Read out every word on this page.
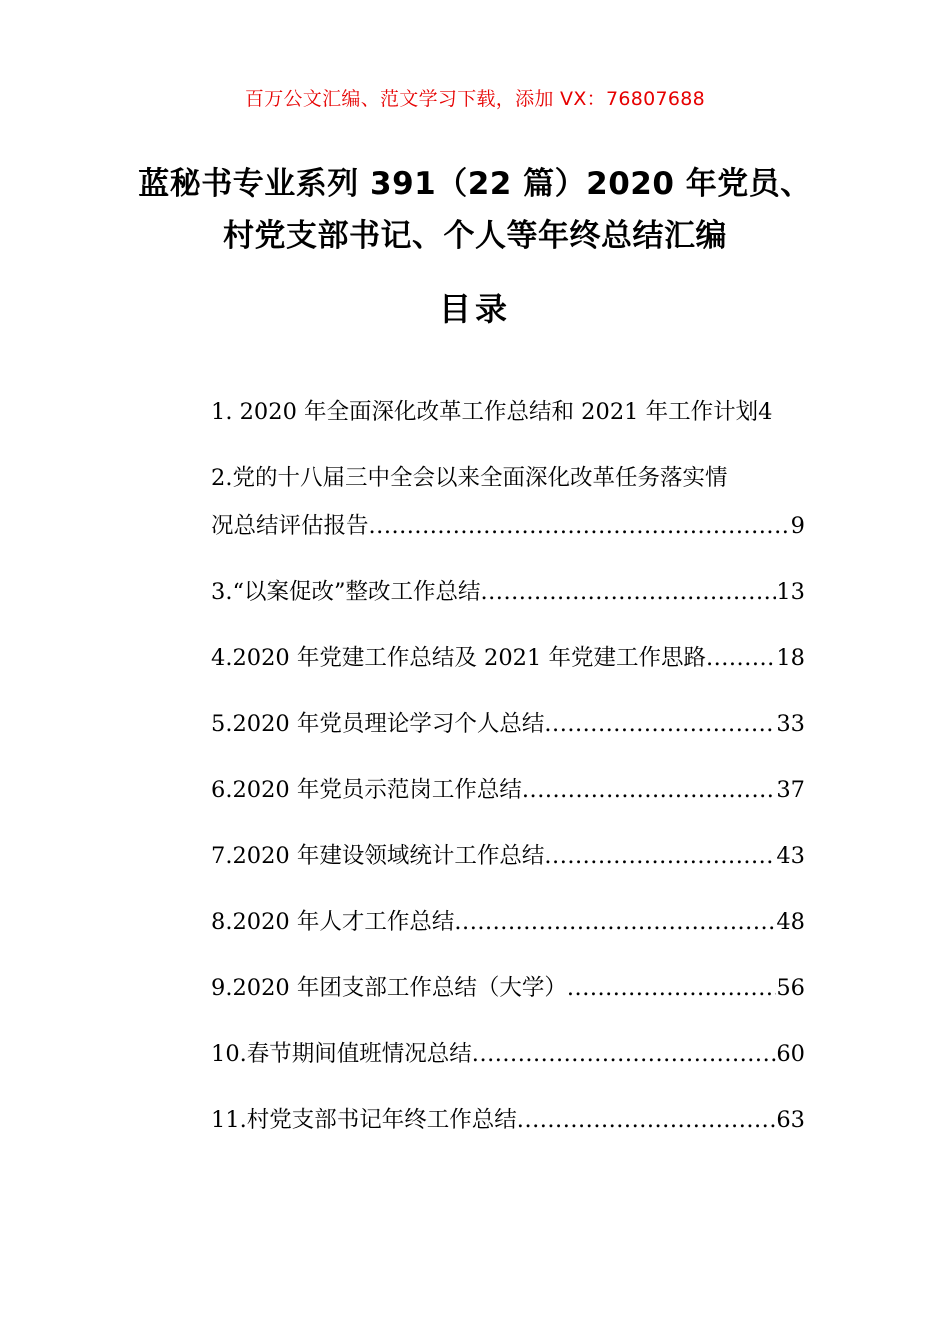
百万公文汇编、范文学习下载，添加 VX：76807688
蓝秘书专业系列 391（22 篇）2020 年党员、
村党支部书记、个人等年终总结汇编
目录
1. 2020 年全面深化改革工作总结和 2021 年工作计划 4
2.党的十八届三中全会以来全面深化改革任务落实情
况总结评估报告 .....	9
3.“以案促改”整改工作总结 .....	13
4.2020 年党建工作总结及 2021 年党建工作思路 .....	18
5.2020 年党员理论学习个人总结 .....	33
6.2020 年党员示范岗工作总结 .....	37
7.2020 年建设领域统计工作总结 .....	43
8.2020 年人才工作总结 .....	48
9.2020 年团支部工作总结（大学） .....	56
10.春节期间值班情况总结 .....	60
11.村党支部书记年终工作总结 .....	63
